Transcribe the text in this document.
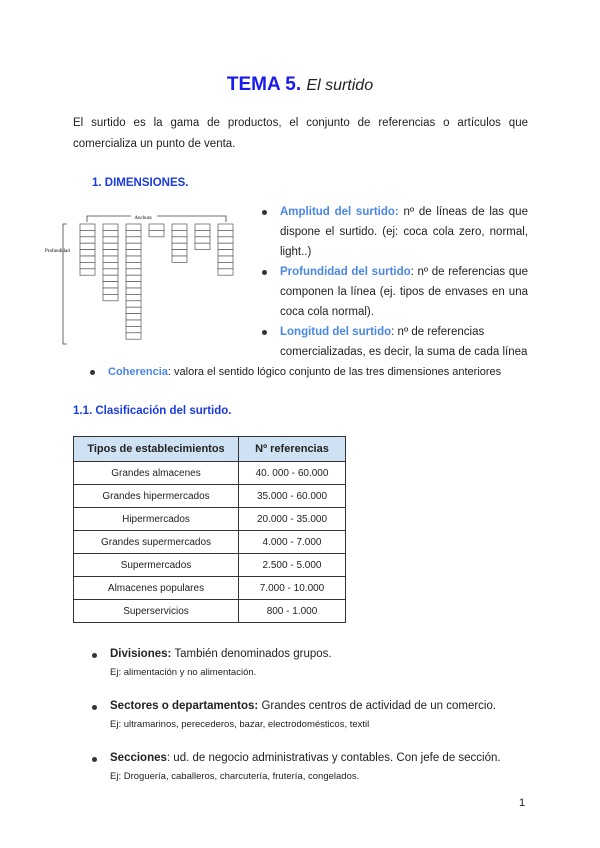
TEMA 5. El surtido
El surtido es la gama de productos, el conjunto de referencias o artículos que comercializa un punto de venta.
1. DIMENSIONES.
Anchura
Profundidad
Amplitud del surtido: nº de líneas de las que dispone el surtido. (ej: coca cola zero, normal, light..)
Profundidad del surtido: nº de referencias que componen la línea (ej. tipos de envases en una coca cola normal).
Longitud del surtido: nº de referencias comercializadas, es decir, la suma de cada línea
Coherencia: valora el sentido lógico conjunto de las tres dimensiones anteriores
1.1. Clasificación del surtido.
Tipos de establecimientos	Nº referencias
Grandes almacenes	40. 000 - 60.000
Grandes hipermercados	35.000 - 60.000
Hipermercados	20.000 - 35.000
Grandes supermercados	4.000 - 7.000
Supermercados	2.500 - 5.000
Almacenes populares	7.000 - 10.000
Superservicios	800 - 1.000
Divisiones: También denominados grupos.
Ej: alimentación y no alimentación.
Sectores o departamentos: Grandes centros de actividad de un comercio.
Ej: ultramarinos, perecederos, bazar, electrodomésticos, textil
Secciones: ud. de negocio administrativas y contables. Con jefe de sección.
Ej: Droguería, caballeros, charcutería, frutería, congelados.
1
